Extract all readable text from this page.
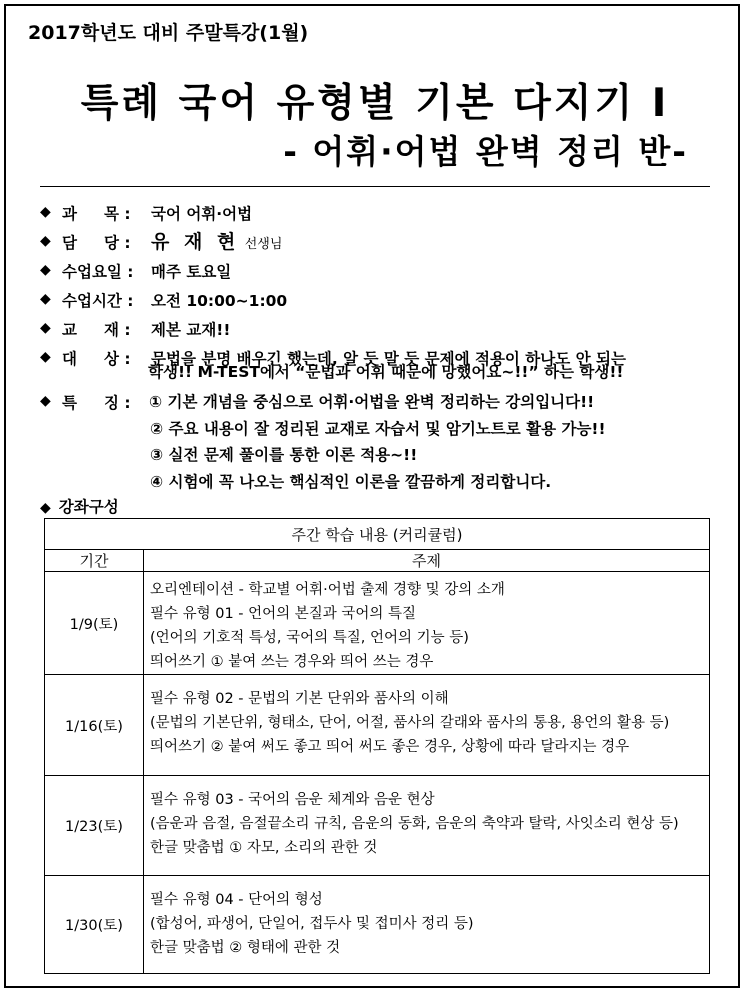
2017학년도 대비 주말특강(1월)
특례 국어 유형별 기본 다지기 Ⅰ
- 어휘·어법 완벽 정리 반-
◆ 과     목 : 국어 어휘·어법
◆ 담     당 : 유 재 현 선생님
◆ 수업요일 : 매주 토요일
◆ 수업시간 : 오전 10:00~1:00
◆ 교     재 : 제본 교재!!
◆ 대     상 : 문법을 분명 배우긴 했는데, 알 듯 말 듯 문제에 적용이 하나도 안 되는
학생!! M-TEST에서 “문법과 어휘 때문에 망했어요~!!” 하는 학생!!
◆ 특     징 : ① 기본 개념을 중심으로 어휘·어법을 완벽 정리하는 강의입니다!!
② 주요 내용이 잘 정리된 교재로 자습서 및 암기노트로 활용 가능!!
③ 실전 문제 풀이를 통한 이론 적용~!!
④ 시험에 꼭 나오는 핵심적인 이론을 깔끔하게 정리합니다.
◆ 강좌구성
주간 학습 내용 (커리큘럼)	
기간	주제
1/9(토)	오리엔테이션 - 학교별 어휘·어법 출제 경향 및 강의 소개
필수 유형 01 - 언어의 본질과 국어의 특질
(언어의 기호적 특성, 국어의 특질, 언어의 기능 등)
띄어쓰기 ① 붙여 쓰는 경우와 띄어 쓰는 경우

1/16(토)	필수 유형 02 - 문법의 기본 단위와 품사의 이해
(문법의 기본단위, 형태소, 단어, 어절, 품사의 갈래와 품사의 통용, 용언의 활용 등)
띄어쓰기 ② 붙여 써도 좋고 띄어 써도 좋은 경우, 상황에 따라 달라지는 경우

1/23(토)	필수 유형 03 - 국어의 음운 체계와 음운 현상
(음운과 음절, 음절끝소리 규칙, 음운의 동화, 음운의 축약과 탈락, 사잇소리 현상 등)
한글 맞춤법 ① 자모, 소리의 관한 것

1/30(토)	필수 유형 04 - 단어의 형성
(합성어, 파생어, 단일어, 접두사 및 접미사 정리 등)
한글 맞춤법 ② 형태에 관한 것
